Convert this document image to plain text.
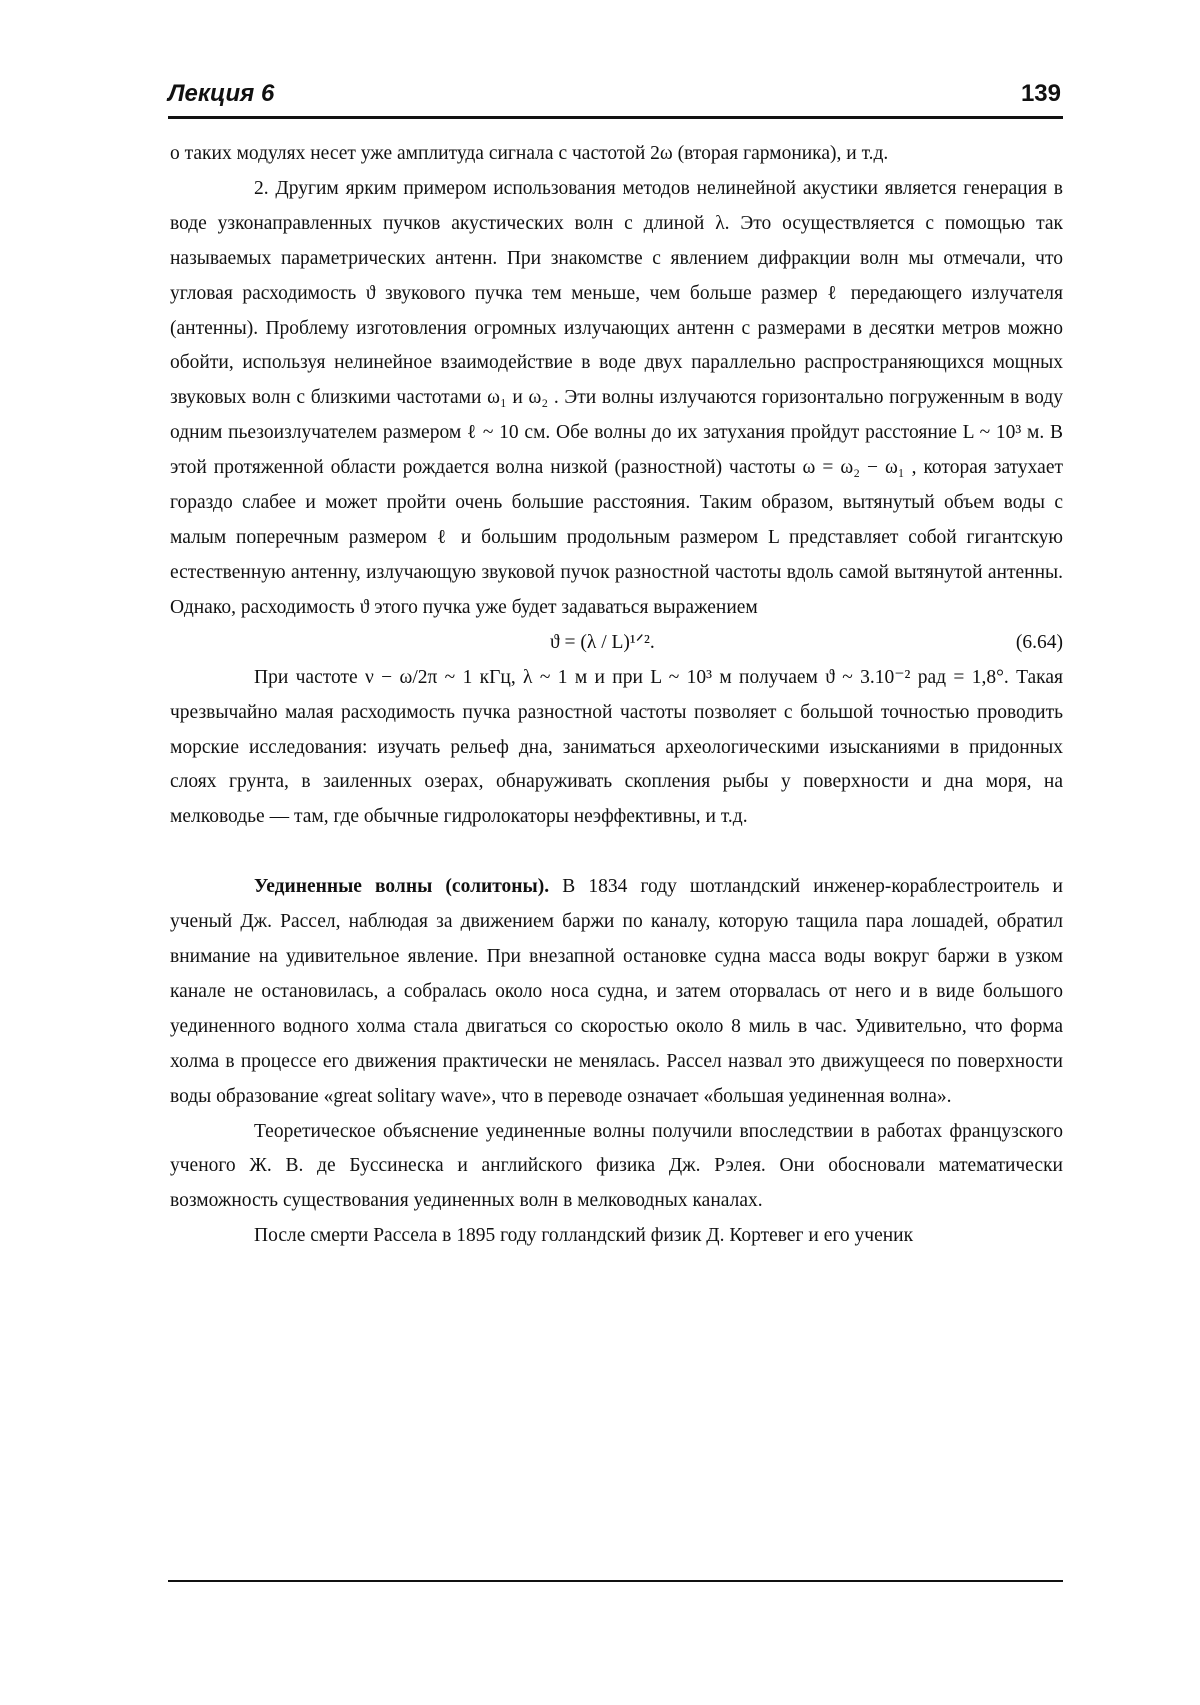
Лекция 6	139

о таких модулях несет уже амплитуда сигнала с частотой 2ω (вторая гармоника), и т.д.

2. Другим ярким примером использования методов нелинейной акустики является генерация в воде узконаправленных пучков акустических волн с длиной λ. Это осуществляется с помощью так называемых параметрических антенн. При знакомстве с явлением дифракции волн мы отмечали, что угловая расходимость ϑ звукового пучка тем меньше, чем больше размер ℓ передающего излучателя (антенны). Проблему изготовления огромных излучающих антенн с размерами в десятки метров можно обойти, используя нелинейное взаимодействие в воде двух параллельно распространяющихся мощных звуковых волн с близкими частотами ω₁ и ω₂ . Эти волны излучаются горизонтально погруженным в воду одним пьезоизлучателем размером ℓ ~ 10 см. Обе волны до их затухания пройдут расстояние L ~ 10³ м. В этой протяженной области рождается волна низкой (разностной) частоты ω = ω₂ − ω₁ , которая затухает гораздо слабее и может пройти очень большие расстояния. Таким образом, вытянутый объем воды с малым поперечным размером ℓ и большим продольным размером L представляет собой гигантскую естественную антенну, излучающую звуковой пучок разностной частоты вдоль самой вытянутой антенны. Однако, расходимость ϑ этого пучка уже будет задаваться выражением

ϑ = (λ / L)¹ᐟ².	(6.64)

При частоте ν − ω/2π ~ 1 кГц, λ ~ 1 м и при L ~ 10³ м получаем ϑ ~ 3.10⁻² рад = 1,8°. Такая чрезвычайно малая расходимость пучка разностной частоты позволяет с большой точностью проводить морские исследования: изучать рельеф дна, заниматься археологическими изысканиями в придонных слоях грунта, в заиленных озерах, обнаруживать скопления рыбы у поверхности и дна моря, на мелководье — там, где обычные гидролокаторы неэффективны, и т.д.

Уединенные волны (солитоны). В 1834 году шотландский инженер-кораблестроитель и ученый Дж. Рассел, наблюдая за движением баржи по каналу, которую тащила пара лошадей, обратил внимание на удивительное явление. При внезапной остановке судна масса воды вокруг баржи в узком канале не остановилась, а собралась около носа судна, и затем оторвалась от него и в виде большого уединенного водного холма стала двигаться со скоростью около 8 миль в час. Удивительно, что форма холма в процессе его движения практически не менялась. Рассел назвал это движущееся по поверхности воды образование «great solitary wave», что в переводе означает «большая уединенная волна».

Теоретическое объяснение уединенные волны получили впоследствии в работах французского ученого Ж. В. де Буссинеска и английского физика Дж. Рэлея. Они обосновали математически возможность существования уединенных волн в мелководных каналах.

После смерти Рассела в 1895 году голландский физик Д. Кортевег и его ученик
